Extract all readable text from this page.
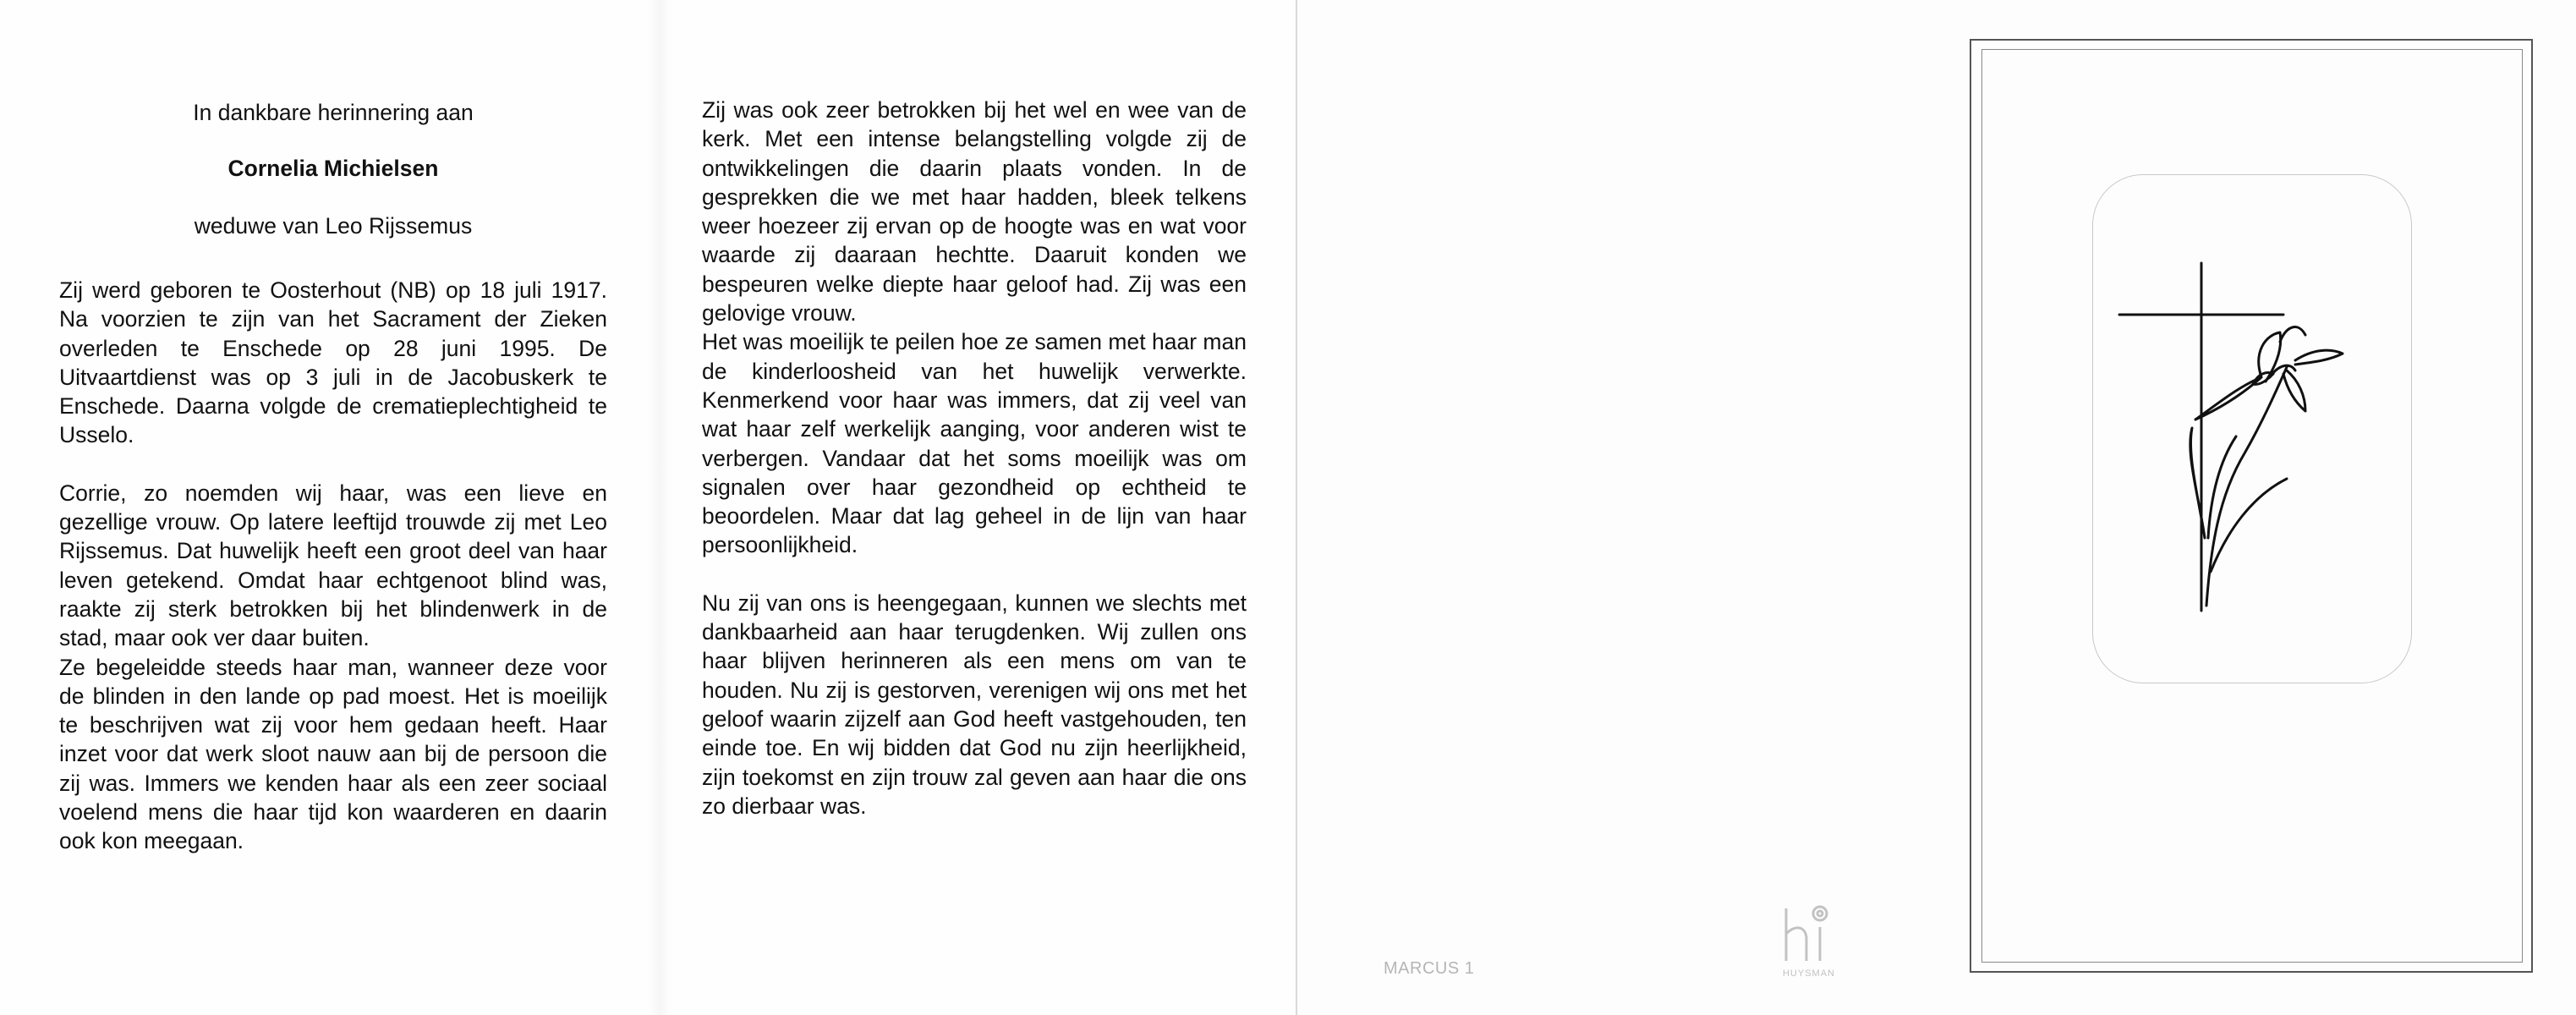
In dankbare herinnering aan
Cornelia Michielsen
weduwe van Leo Rijssemus

Zij werd geboren te Oosterhout (NB) op 18 juli 1917. Na voorzien te zijn van het Sacrament der Zieken overleden te Enschede op 28 juni 1995. De Uitvaartdienst was op 3 juli in de Jacobuskerk te Enschede. Daarna volgde de crematieplechtigheid te Usselo.

Corrie, zo noemden wij haar, was een lieve en gezellige vrouw. Op latere leeftijd trouwde zij met Leo Rijssemus. Dat huwelijk heeft een groot deel van haar leven getekend. Omdat haar echtgenoot blind was, raakte zij sterk betrokken bij het blindenwerk in de stad, maar ook ver daar buiten.

Ze begeleidde steeds haar man, wanneer deze voor de blinden in den lande op pad moest. Het is moeilijk te beschrijven wat zij voor hem gedaan heeft. Haar inzet voor dat werk sloot nauw aan bij de persoon die zij was. Immers we kenden haar als een zeer sociaal voelend mens die haar tijd kon waarderen en daarin ook kon meegaan.

Zij was ook zeer betrokken bij het wel en wee van de kerk. Met een intense belangstelling volgde zij de ontwikkelingen die daarin plaats vonden. In de gesprekken die we met haar hadden, bleek telkens weer hoezeer zij ervan op de hoogte was en wat voor waarde zij daaraan hechtte. Daaruit konden we bespeuren welke diepte haar geloof had. Zij was een gelovige vrouw.

Het was moeilijk te peilen hoe ze samen met haar man de kinderloosheid van het huwelijk verwerkte. Kenmerkend voor haar was immers, dat zij veel van wat haar zelf werkelijk aanging, voor anderen wist te verbergen. Vandaar dat het soms moeilijk was om signalen over haar gezondheid op echtheid te beoordelen. Maar dat lag geheel in de lijn van haar persoonlijkheid.

Nu zij van ons is heengegaan, kunnen we slechts met dankbaarheid aan haar terugdenken. Wij zullen ons haar blijven herinneren als een mens om van te houden. Nu zij is gestorven, verenigen wij ons met het geloof waarin zijzelf aan God heeft vastgehouden, ten einde toe. En wij bidden dat God nu zijn heerlijkheid, zijn toekomst en zijn trouw zal geven aan haar die ons zo dierbaar was.

MARCUS 1	HUYSMAN
